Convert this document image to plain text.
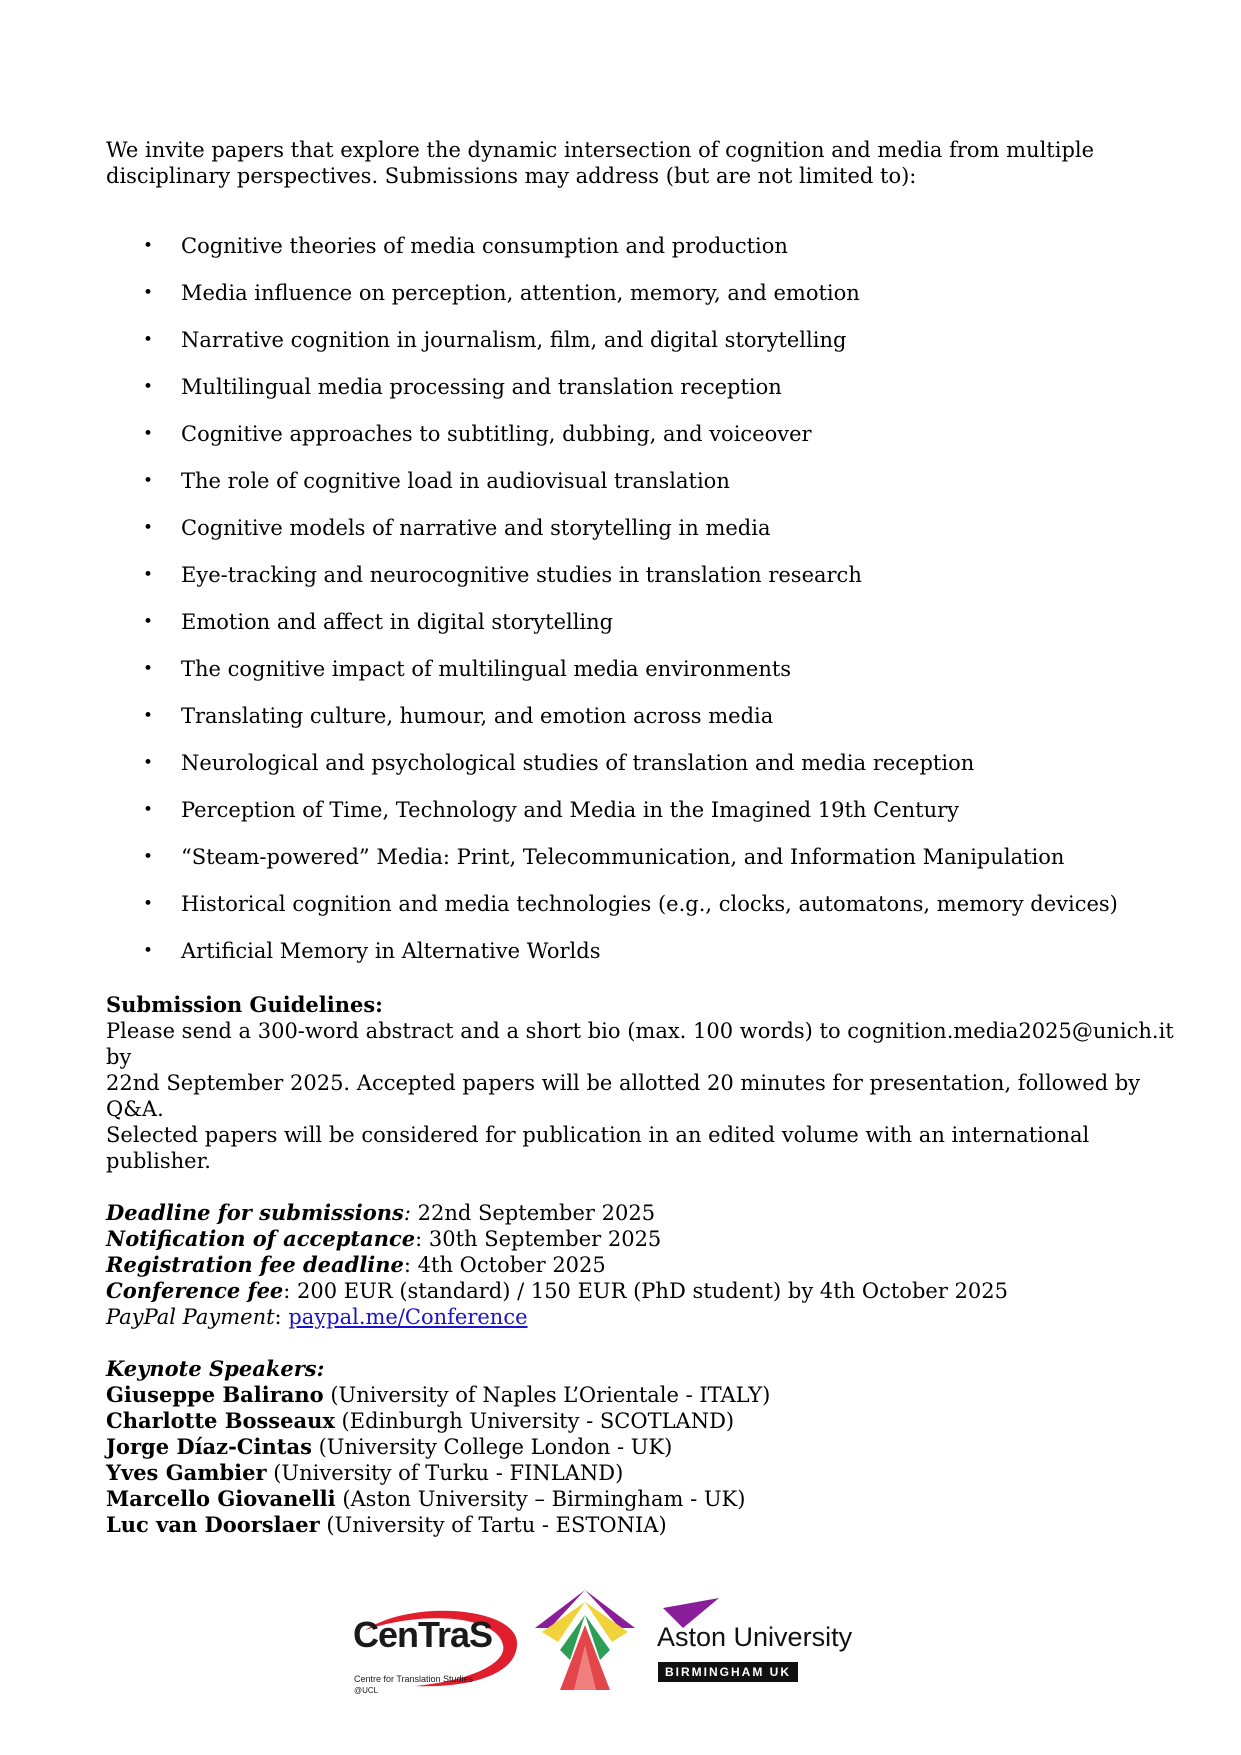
We invite papers that explore the dynamic intersection of cognition and media from multiple disciplinary perspectives. Submissions may address (but are not limited to):

• Cognitive theories of media consumption and production
• Media influence on perception, attention, memory, and emotion
• Narrative cognition in journalism, film, and digital storytelling
• Multilingual media processing and translation reception
• Cognitive approaches to subtitling, dubbing, and voiceover
• The role of cognitive load in audiovisual translation
• Cognitive models of narrative and storytelling in media
• Eye-tracking and neurocognitive studies in translation research
• Emotion and affect in digital storytelling
• The cognitive impact of multilingual media environments
• Translating culture, humour, and emotion across media
• Neurological and psychological studies of translation and media reception
• Perception of Time, Technology and Media in the Imagined 19th Century
• “Steam-powered” Media: Print, Telecommunication, and Information Manipulation
• Historical cognition and media technologies (e.g., clocks, automatons, memory devices)
• Artificial Memory in Alternative Worlds
Submission Guidelines:
Please send a 300-word abstract and a short bio (max. 100 words) to cognition.media2025@unich.it by
22nd September 2025. Accepted papers will be allotted 20 minutes for presentation, followed by Q&A.
Selected papers will be considered for publication in an edited volume with an international publisher.
Deadline for submissions: 22nd September 2025
Notification of acceptance: 30th September 2025
Registration fee deadline: 4th October 2025
Conference fee: 200 EUR (standard) / 150 EUR (PhD student) by 4th October 2025
PayPal Payment: paypal.me/Conference
Keynote Speakers:
Giuseppe Balirano (University of Naples L’Orientale - ITALY)
Charlotte Bosseaux (Edinburgh University - SCOTLAND)
Jorge Díaz-Cintas (University College London - UK)
Yves Gambier (University of Turku - FINLAND)
Marcello Giovanelli (Aston University – Birmingham - UK)
Luc van Doorslaer (University of Tartu - ESTONIA)
CenTraS
Centre for Translation Studies
@UCL
Aston University
BIRMINGHAM UK
